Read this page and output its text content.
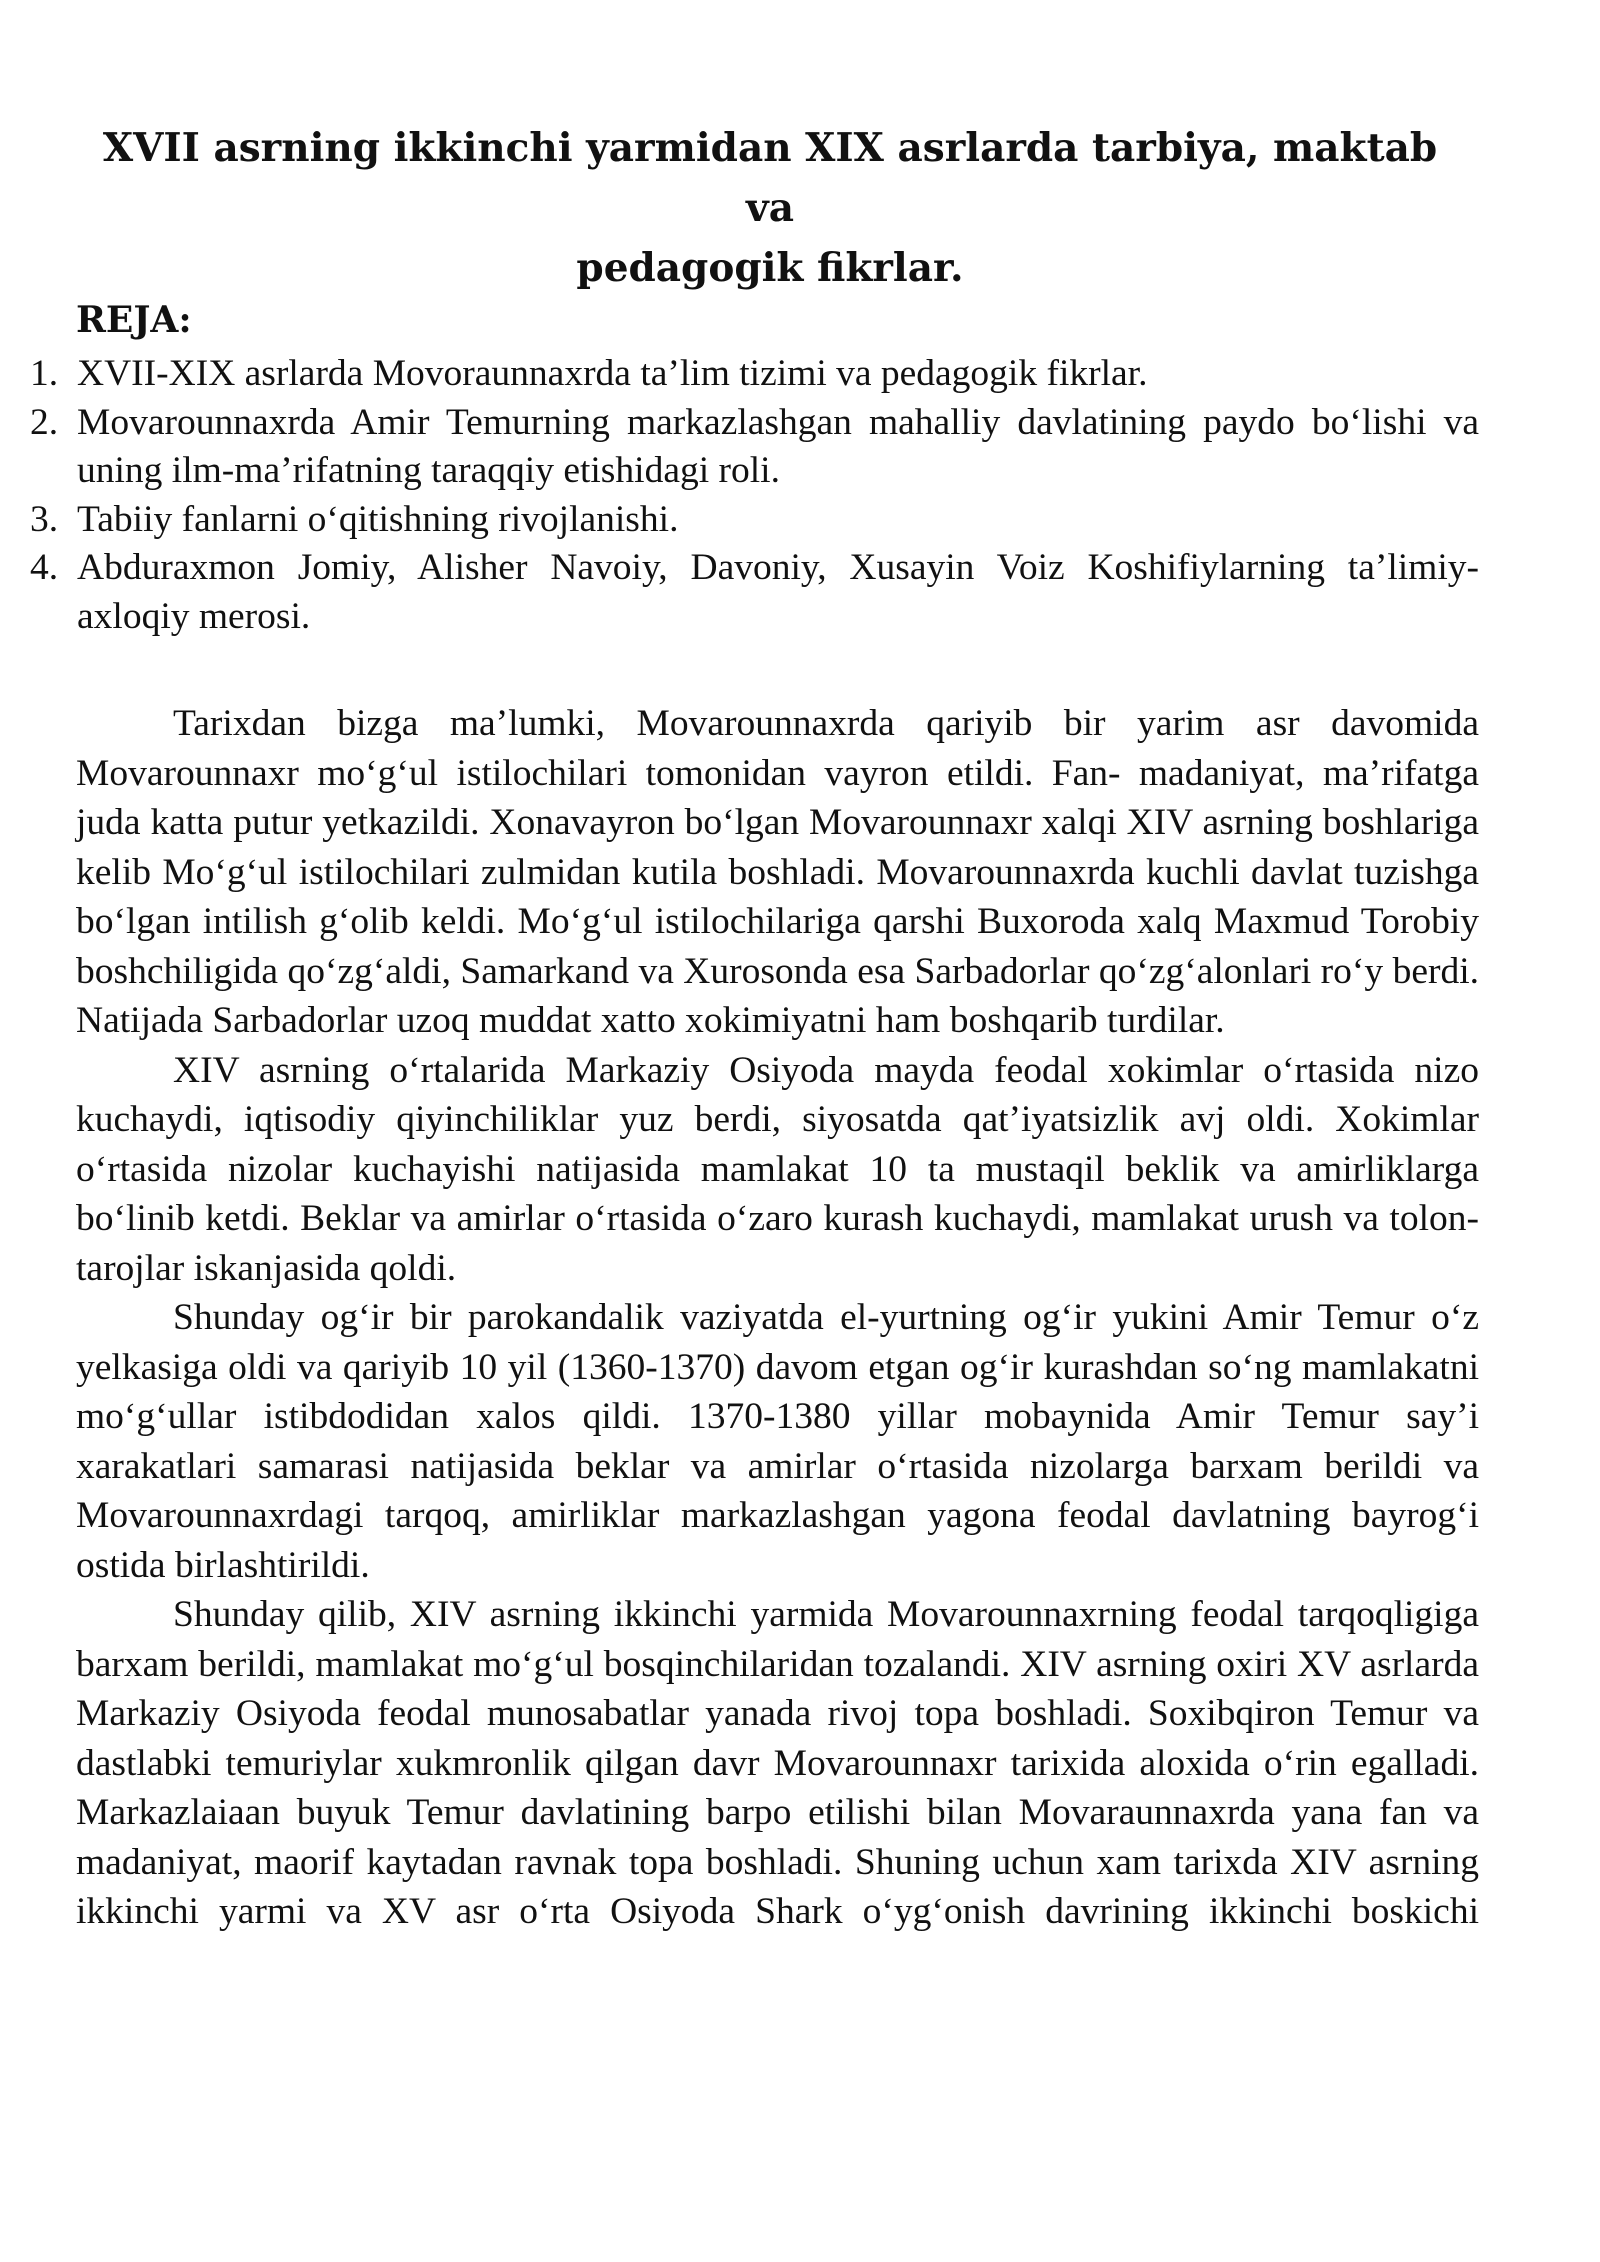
XVII asrning ikkinchi yarmidan XIX asrlarda tarbiya, maktab
va
pedagogik fikrlar.
REJA:
1. XVII-XIX asrlarda Movoraunnaxrda ta’lim tizimi va pedagogik fikrlar.
2. Movarounnaxrda Amir Temurning markazlashgan mahalliy davlatining paydo bo‘lishi va uning ilm-ma’rifatning taraqqiy etishidagi roli.
3. Tabiiy fanlarni o‘qitishning rivojlanishi.
4. Abduraxmon Jomiy, Alisher Navoiy, Davoniy, Xusayin Voiz Koshifiylarning ta’limiy-axloqiy merosi.

Tarixdan bizga ma’lumki, Movarounnaxrda qariyib bir yarim asr davomida Movarounnaxr mo‘g‘ul istilochilari tomonidan vayron etildi. Fan- madaniyat, ma’rifatga juda katta putur yetkazildi. Xonavayron bo‘lgan Movarounnaxr xalqi XIV asrning boshlariga kelib Mo‘g‘ul istilochilari zulmidan kutila boshladi. Movarounnaxrda kuchli davlat tuzishga bo‘lgan intilish g‘olib keldi. Mo‘g‘ul istilochilariga qarshi Buxoroda xalq Maxmud Torobiy boshchiligida qo‘zg‘aldi, Samarkand va Xurosonda esa Sarbadorlar qo‘zg‘alonlari ro‘y berdi. Natijada Sarbadorlar uzoq muddat xatto xokimiyatni ham boshqarib turdilar.

XIV asrning o‘rtalarida Markaziy Osiyoda mayda feodal xokimlar o‘rtasida nizo kuchaydi, iqtisodiy qiyinchiliklar yuz berdi, siyosatda qat’iyatsizlik avj oldi. Xokimlar o‘rtasida nizolar kuchayishi natijasida mamlakat 10 ta mustaqil beklik va amirliklarga bo‘linib ketdi. Beklar va amirlar o‘rtasida o‘zaro kurash kuchaydi, mamlakat urush va tolon-tarojlar iskanjasida qoldi.

Shunday og‘ir bir parokandalik vaziyatda el-yurtning og‘ir yukini Amir Temur o‘z yelkasiga oldi va qariyib 10 yil (1360-1370) davom etgan og‘ir kurashdan so‘ng mamlakatni mo‘g‘ullar istibdodidan xalos qildi. 1370-1380 yillar mobaynida Amir Temur say’i xarakatlari samarasi natijasida beklar va amirlar o‘rtasida nizolarga barxam berildi va Movarounnaxrdagi tarqoq, amirliklar markazlashgan yagona feodal davlatning bayrog‘i ostida birlashtirildi.

Shunday qilib, XIV asrning ikkinchi yarmida Movarounnaxrning feodal tarqoqligiga barxam berildi, mamlakat mo‘g‘ul bosqinchilaridan tozalandi. XIV asrning oxiri XV asrlarda Markaziy Osiyoda feodal munosabatlar yanada rivoj topa boshladi. Soxibqiron Temur va dastlabki temuriylar xukmronlik qilgan davr Movarounnaxr tarixida aloxida o‘rin egalladi. Markazlaiaan buyuk Temur davlatining barpo etilishi bilan Movaraunnaxrda yana fan va madaniyat, maorif kaytadan ravnak topa boshladi. Shuning uchun xam tarixda XIV asrning ikkinchi yarmi va XV asr o‘rta Osiyoda Shark o‘yg‘onish davrining ikkinchi boskichi
